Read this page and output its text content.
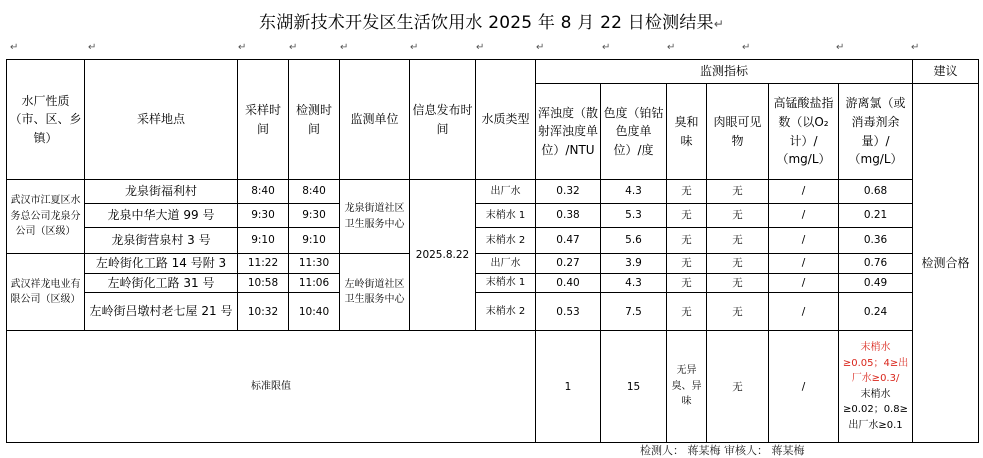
东湖新技术开发区生活饮用水 2025 年 8 月 22 日检测结果↵
↵	↵	↵	↵	↵	↵	↵	↵	↵	↵	↵	↵	↵
水厂性质（市、区、乡镇）	采样地点	采样时间	检测时间	监测单位	信息发布时间	水质类型	监测指标						建议	
							浑浊度（散射浑浊度单位）/NTU	色度（铂钴色度单位）/度	臭和味	肉眼可见物	高锰酸盐指数（以O₂计）/（mg/L）	游离氯（或消毒剂余量）/（mg/L）	检测合格	
武汉市江夏区水务总公司龙泉分公司（区级）	龙泉街福利村	8:40	8:40	龙泉街道社区卫生服务中心	2025.8.22	出厂水	0.32	4.3	无	无	/	0.68		
	龙泉中华大道 99 号	9:30	9:30			末梢水 1	0.38	5.3	无	无	/	0.21		
	龙泉街营泉村 3 号	9:10	9:10			末梢水 2	0.47	5.6	无	无	/	0.36		
武汉祥龙电业有限公司（区级）	左岭街化工路 14 号附 3	11:22	11:30	左岭街道社区卫生服务中心		出厂水	0.27	3.9	无	无	/	0.76		
	左岭街化工路 31 号	10:58	11:06			末梢水 1	0.40	4.3	无	无	/	0.49		
	左岭街吕墩村老七屋 21 号	10:32	10:40			末梢水 2	0.53	7.5	无	无	/	0.24		
标准限值							1	15	无异臭、异味	无	/	末梢水≥0.05；4≥出厂水≥0.3/
末梢水≥0.02；0.8≥出厂水≥0.1		
检测人： 蒋某梅 审核人： 蒋某梅
